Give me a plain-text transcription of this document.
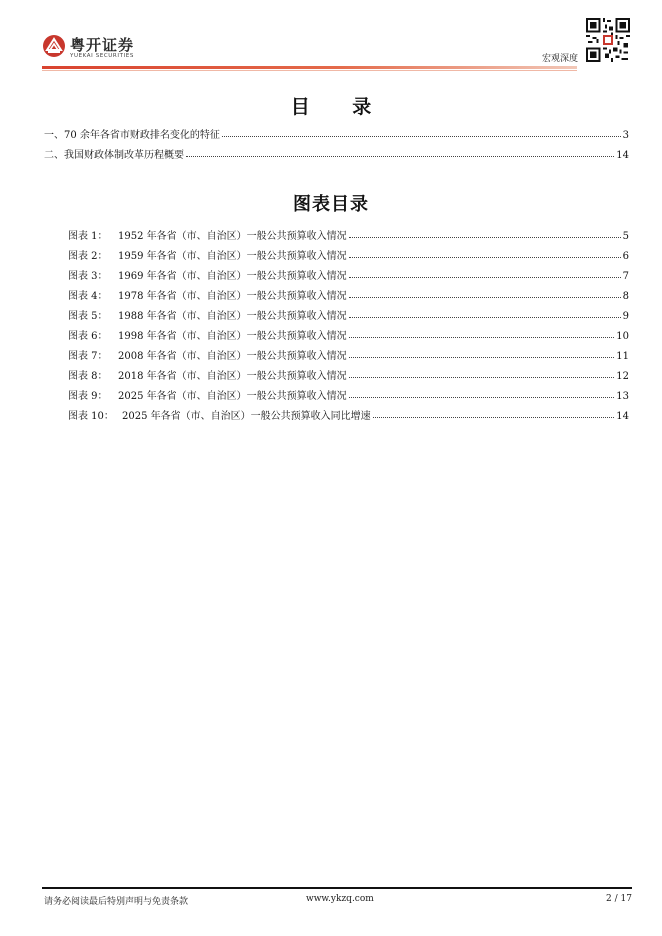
粤开证券
YUEKAI SECURITIES	宏观深度
目 录
一、70 余年各省市财政排名变化的特征	3
二、我国财政体制改革历程概要	14
图表目录
图表 1： 1952 年各省（市、自治区）一般公共预算收入情况	5
图表 2： 1959 年各省（市、自治区）一般公共预算收入情况	6
图表 3： 1969 年各省（市、自治区）一般公共预算收入情况	7
图表 4： 1978 年各省（市、自治区）一般公共预算收入情况	8
图表 5： 1988 年各省（市、自治区）一般公共预算收入情况	9
图表 6： 1998 年各省（市、自治区）一般公共预算收入情况	10
图表 7： 2008 年各省（市、自治区）一般公共预算收入情况	11
图表 8： 2018 年各省（市、自治区）一般公共预算收入情况	12
图表 9： 2025 年各省（市、自治区）一般公共预算收入情况	13
图表 10： 2025 年各省（市、自治区）一般公共预算收入同比增速	14
请务必阅读最后特别声明与免责条款	www.ykzq.com	2 / 17
